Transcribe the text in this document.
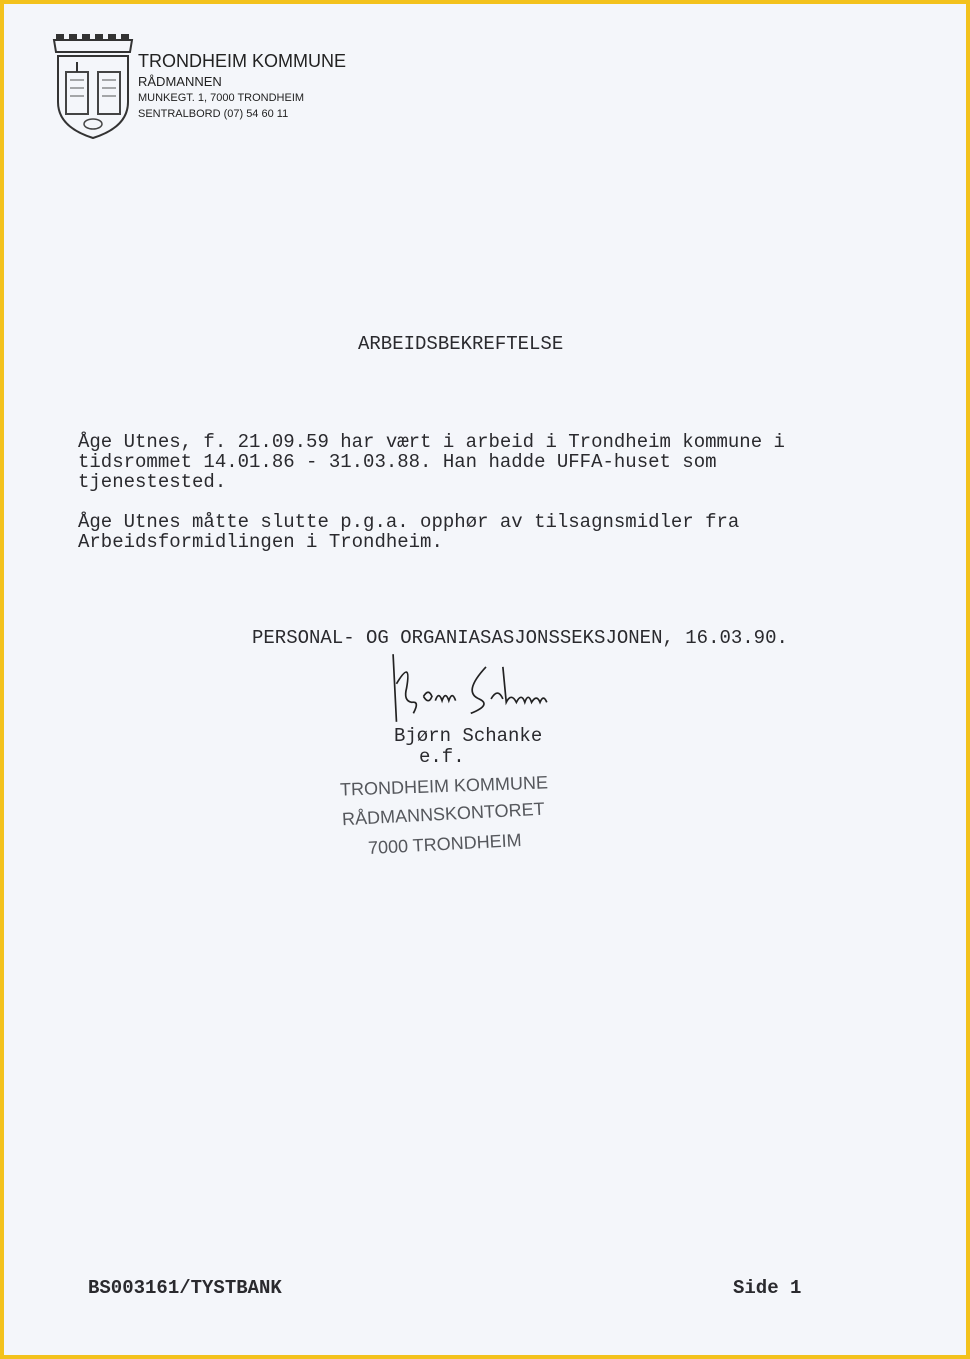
TRONDHEIM KOMMUNE
RÅDMANNEN
MUNKEGT. 1, 7000 TRONDHEIM
SENTRALBORD (07) 54 60 11
ARBEIDSBEKREFTELSE
Åge Utnes, f. 21.09.59 har vært i arbeid i Trondheim kommune i
tidsrommet 14.01.86 - 31.03.88. Han hadde UFFA-huset som
tjenestested.
Åge Utnes måtte slutte p.g.a. opphør av tilsagnsmidler fra
Arbeidsformidlingen i Trondheim.
PERSONAL- OG ORGANIASASJONSSEKSJONEN, 16.03.90.
Bjørn Schanke
e.f.
TRONDHEIM KOMMUNE
RÅDMANNSKONTORET
7000 TRONDHEIM
BS003161/TYSTBANK	Side 1
